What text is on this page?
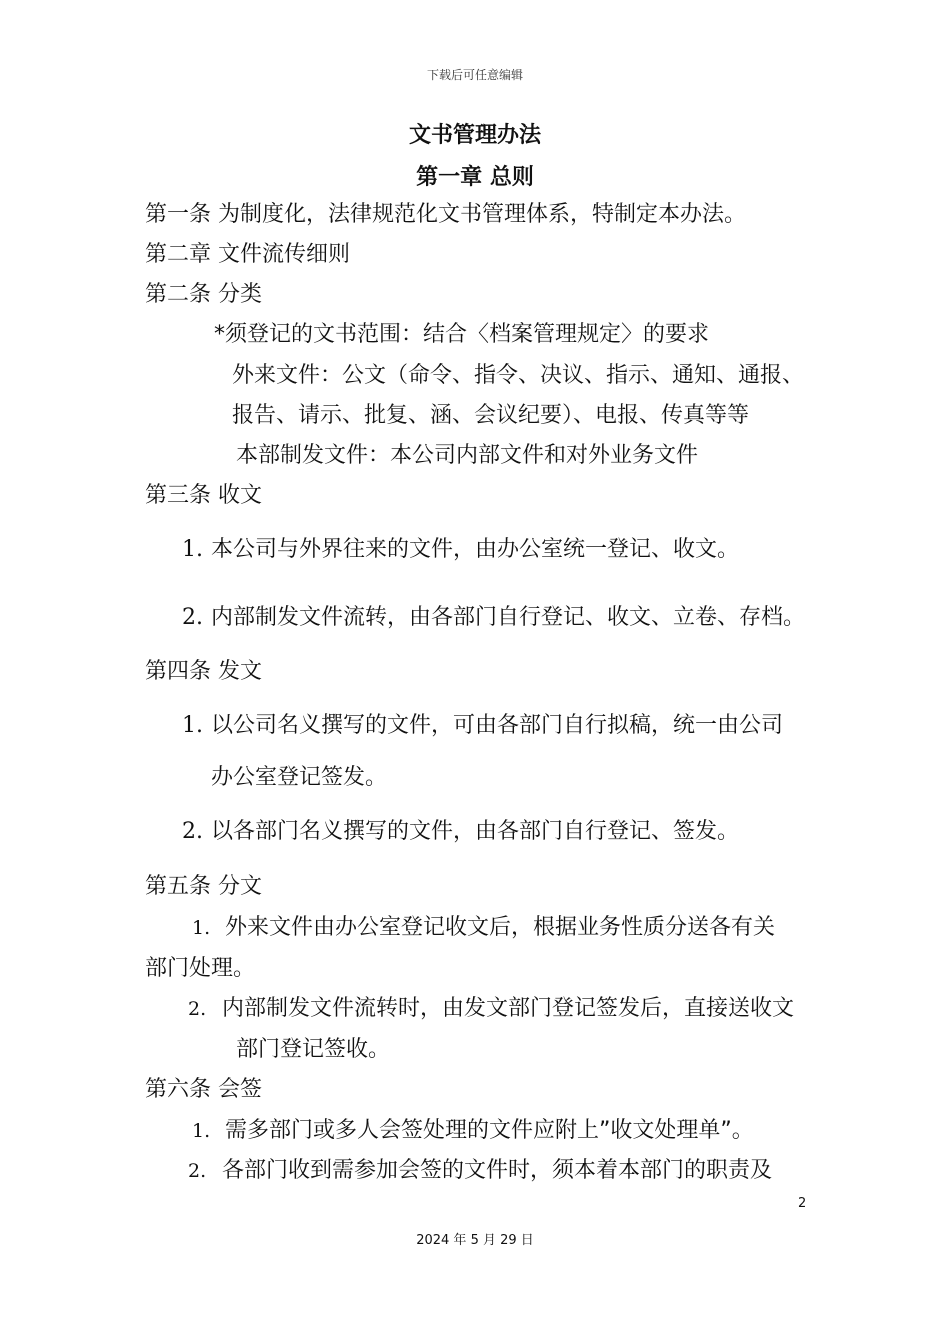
下载后可任意编辑
文书管理办法
第一章 总则
第一条 为制度化，法律规范化文书管理体系，特制定本办法。
第二章 文件流传细则
第二条 分类
*须登记的文书范围：结合〈档案管理规定〉的要求
外来文件：公文（命令、指令、决议、指示、通知、通报、
报告、请示、批复、涵、会议纪要）、电报、传真等等
本部制发文件：本公司内部文件和对外业务文件
第三条 收文
1. 本公司与外界往来的文件，由办公室统一登记、收文。
2. 内部制发文件流转，由各部门自行登记、收文、立卷、存档。
第四条 发文
1. 以公司名义撰写的文件，可由各部门自行拟稿，统一由公司
办公室登记签发。
2. 以各部门名义撰写的文件，由各部门自行登记、签发。
第五条 分文
1. 外来文件由办公室登记收文后，根据业务性质分送各有关
部门处理。
2. 内部制发文件流转时，由发文部门登记签发后，直接送收文
部门登记签收。
第六条 会签
1. 需多部门或多人会签处理的文件应附上”收文处理单”。
2. 各部门收到需参加会签的文件时，须本着本部门的职责及
2
2024 年 5 月 29 日
